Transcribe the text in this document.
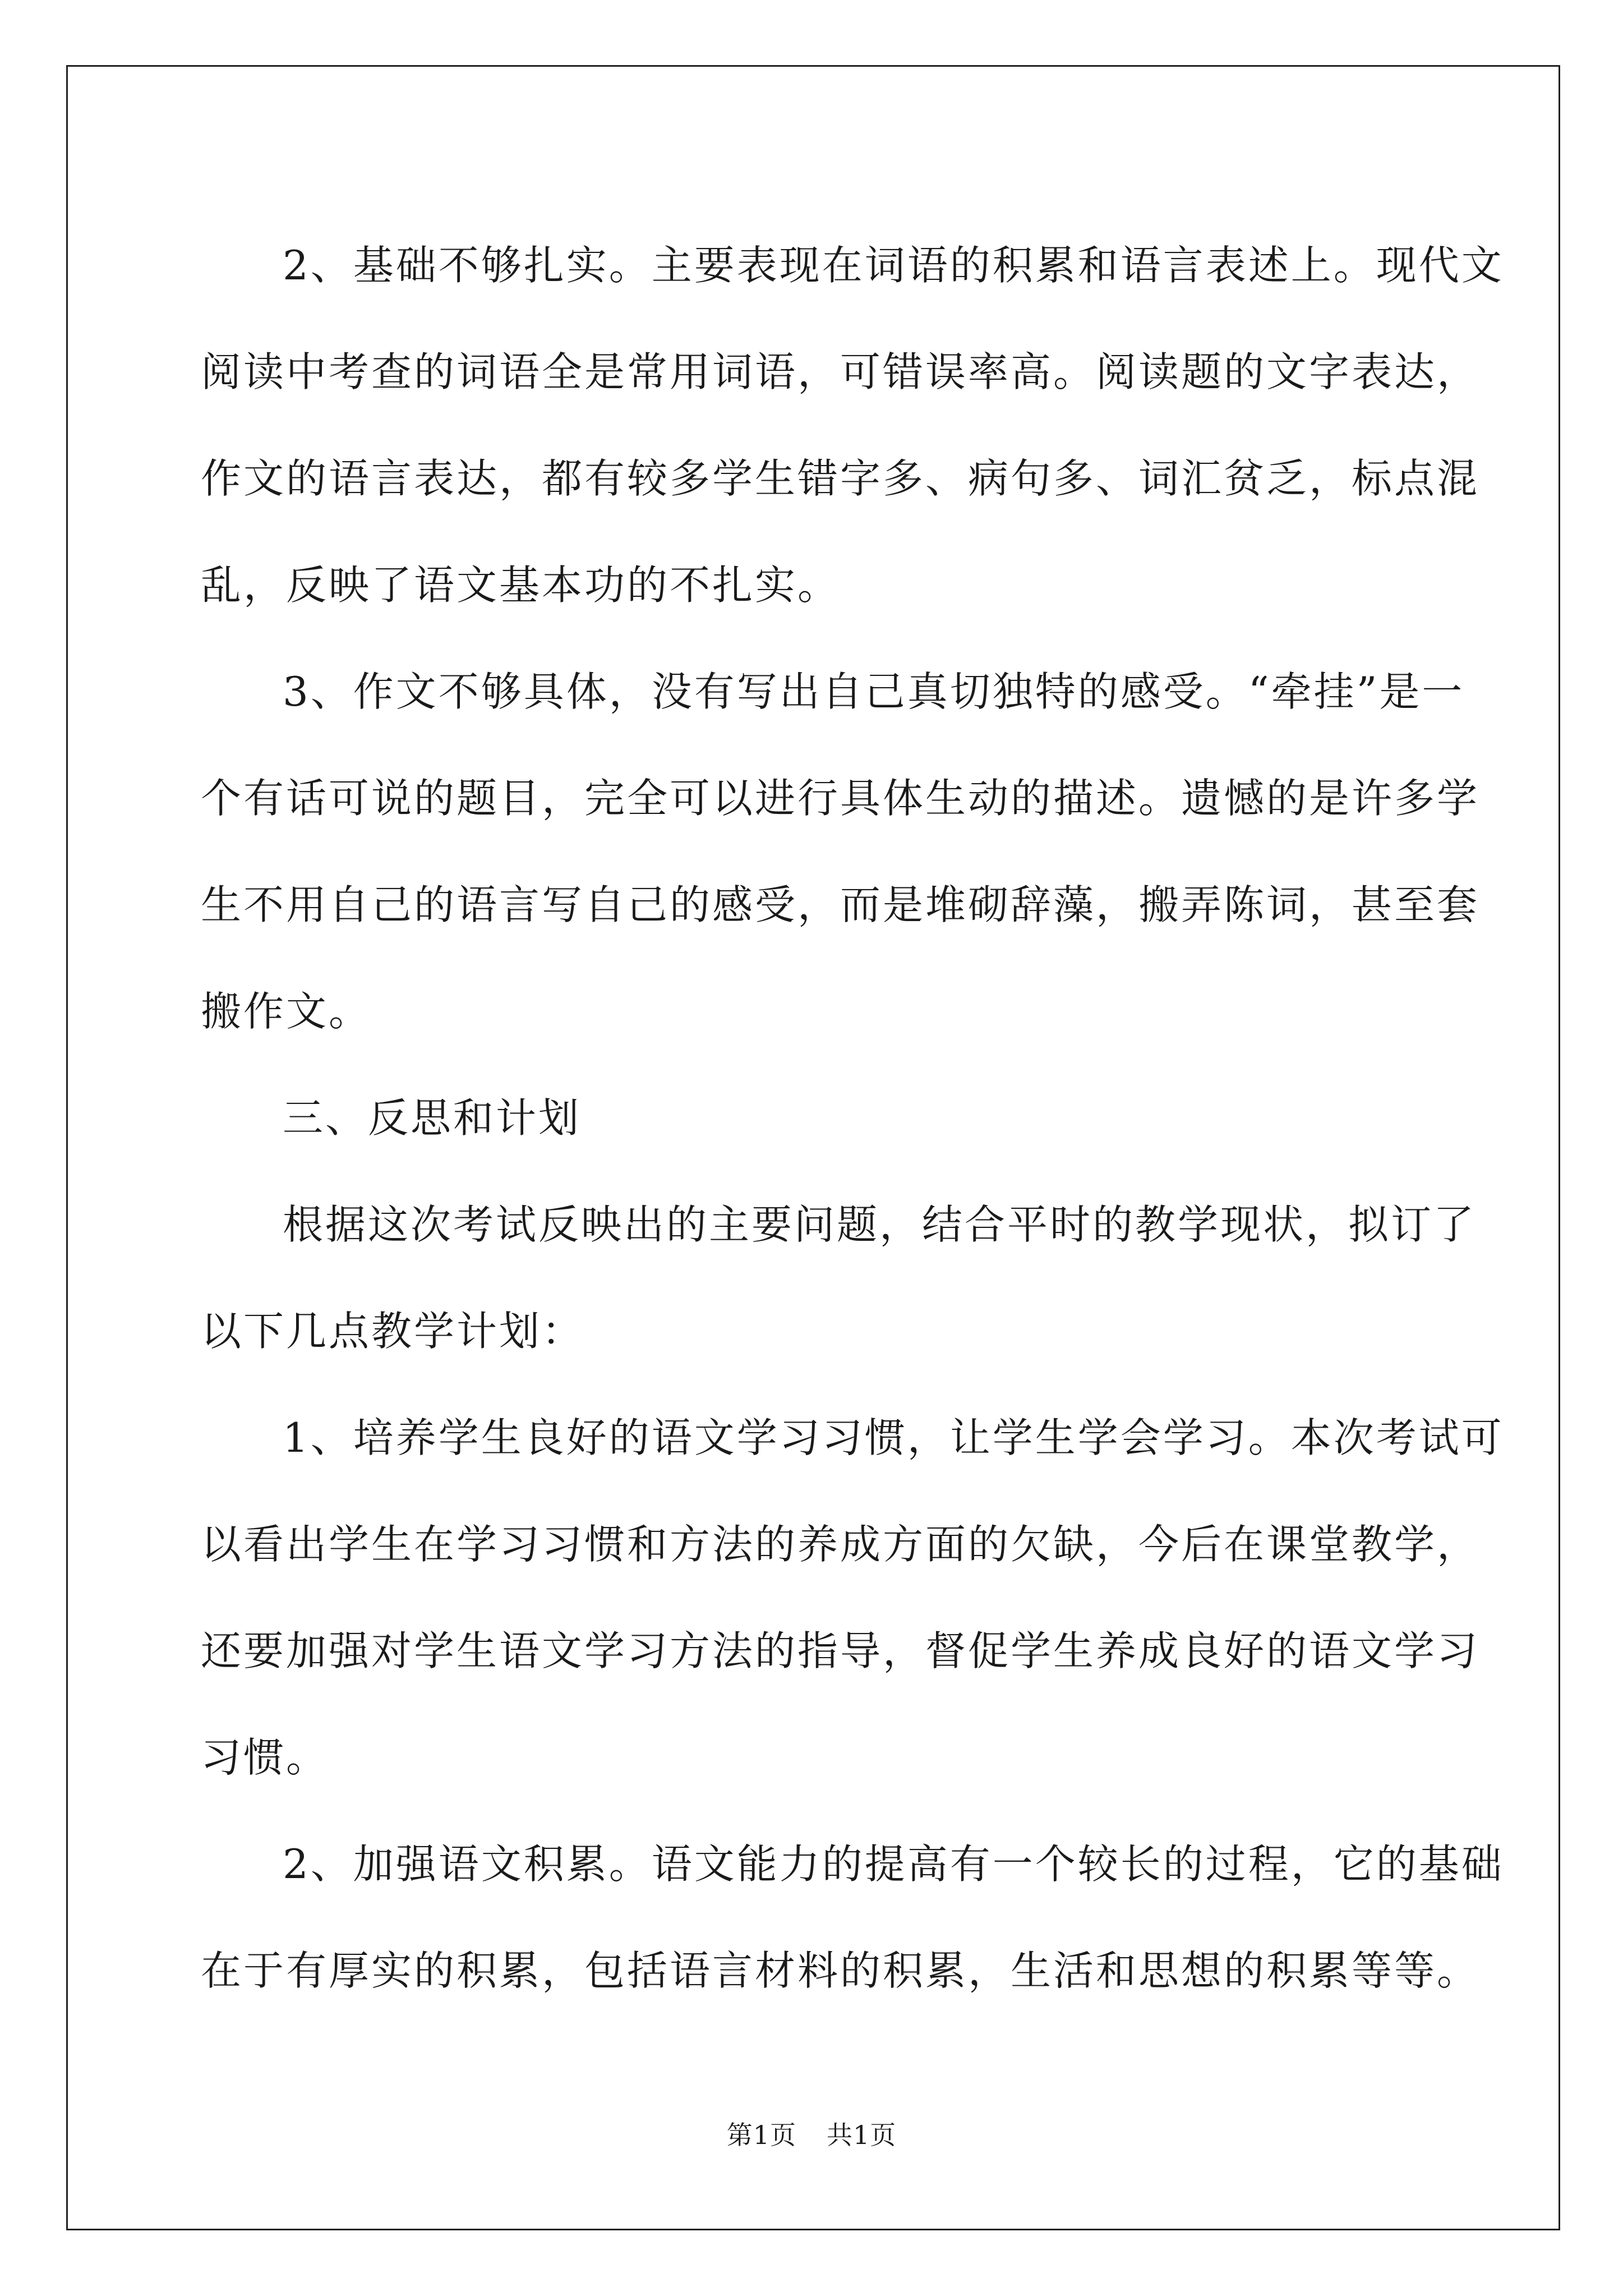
2、基础不够扎实。主要表现在词语的积累和语言表述上。现代文
阅读中考查的词语全是常用词语，可错误率高。阅读题的文字表达，
作文的语言表达，都有较多学生错字多、病句多、词汇贫乏，标点混
乱，反映了语文基本功的不扎实。
3、作文不够具体，没有写出自己真切独特的感受。“牵挂”是一
个有话可说的题目，完全可以进行具体生动的描述。遗憾的是许多学
生不用自己的语言写自己的感受，而是堆砌辞藻，搬弄陈词，甚至套
搬作文。
三、反思和计划
根据这次考试反映出的主要问题，结合平时的教学现状，拟订了
以下几点教学计划：
1、培养学生良好的语文学习习惯，让学生学会学习。本次考试可
以看出学生在学习习惯和方法的养成方面的欠缺，今后在课堂教学，
还要加强对学生语文学习方法的指导，督促学生养成良好的语文学习
习惯。
2、加强语文积累。语文能力的提高有一个较长的过程，它的基础
在于有厚实的积累，包括语言材料的积累，生活和思想的积累等等。
第1页 共1页
